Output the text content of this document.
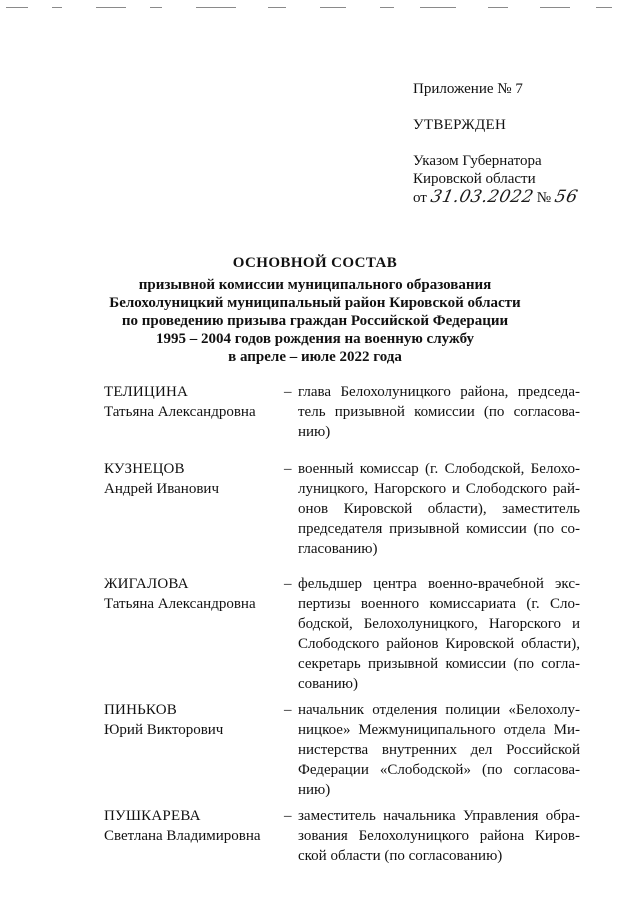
Приложение № 7
УТВЕРЖДЕН
Указом Губернатора
Кировской области
от 31.03.2022 № 56
ОСНОВНОЙ СОСТАВ
призывной комиссии муниципального образования
Белохолуницкий муниципальный район Кировской области
по проведению призыва граждан Российской Федерации
1995 – 2004 годов рождения на военную службу
в апреле – июле 2022 года
ТЕЛИЦИНА
Татьяна Александровна
– глава Белохолуницкого района, председатель призывной комиссии (по согласованию)
КУЗНЕЦОВ
Андрей Иванович
– военный комиссар (г. Слободской, Белохолуницкого, Нагорского и Слободского районов Кировской области), заместитель председателя призывной комиссии (по согласованию)
ЖИГАЛОВА
Татьяна Александровна
– фельдшер центра военно-врачебной экспертизы военного комиссариата (г. Слободской, Белохолуницкого, Нагорского и Слободского районов Кировской области), секретарь призывной комиссии (по согласованию)
ПИНЬКОВ
Юрий Викторович
– начальник отделения полиции «Белохолуницкое» Межмуниципального отдела Министерства внутренних дел Российской Федерации «Слободской» (по согласованию)
ПУШКАРЕВА
Светлана Владимировна
– заместитель начальника Управления образования Белохолуницкого района Кировской области (по согласованию)
